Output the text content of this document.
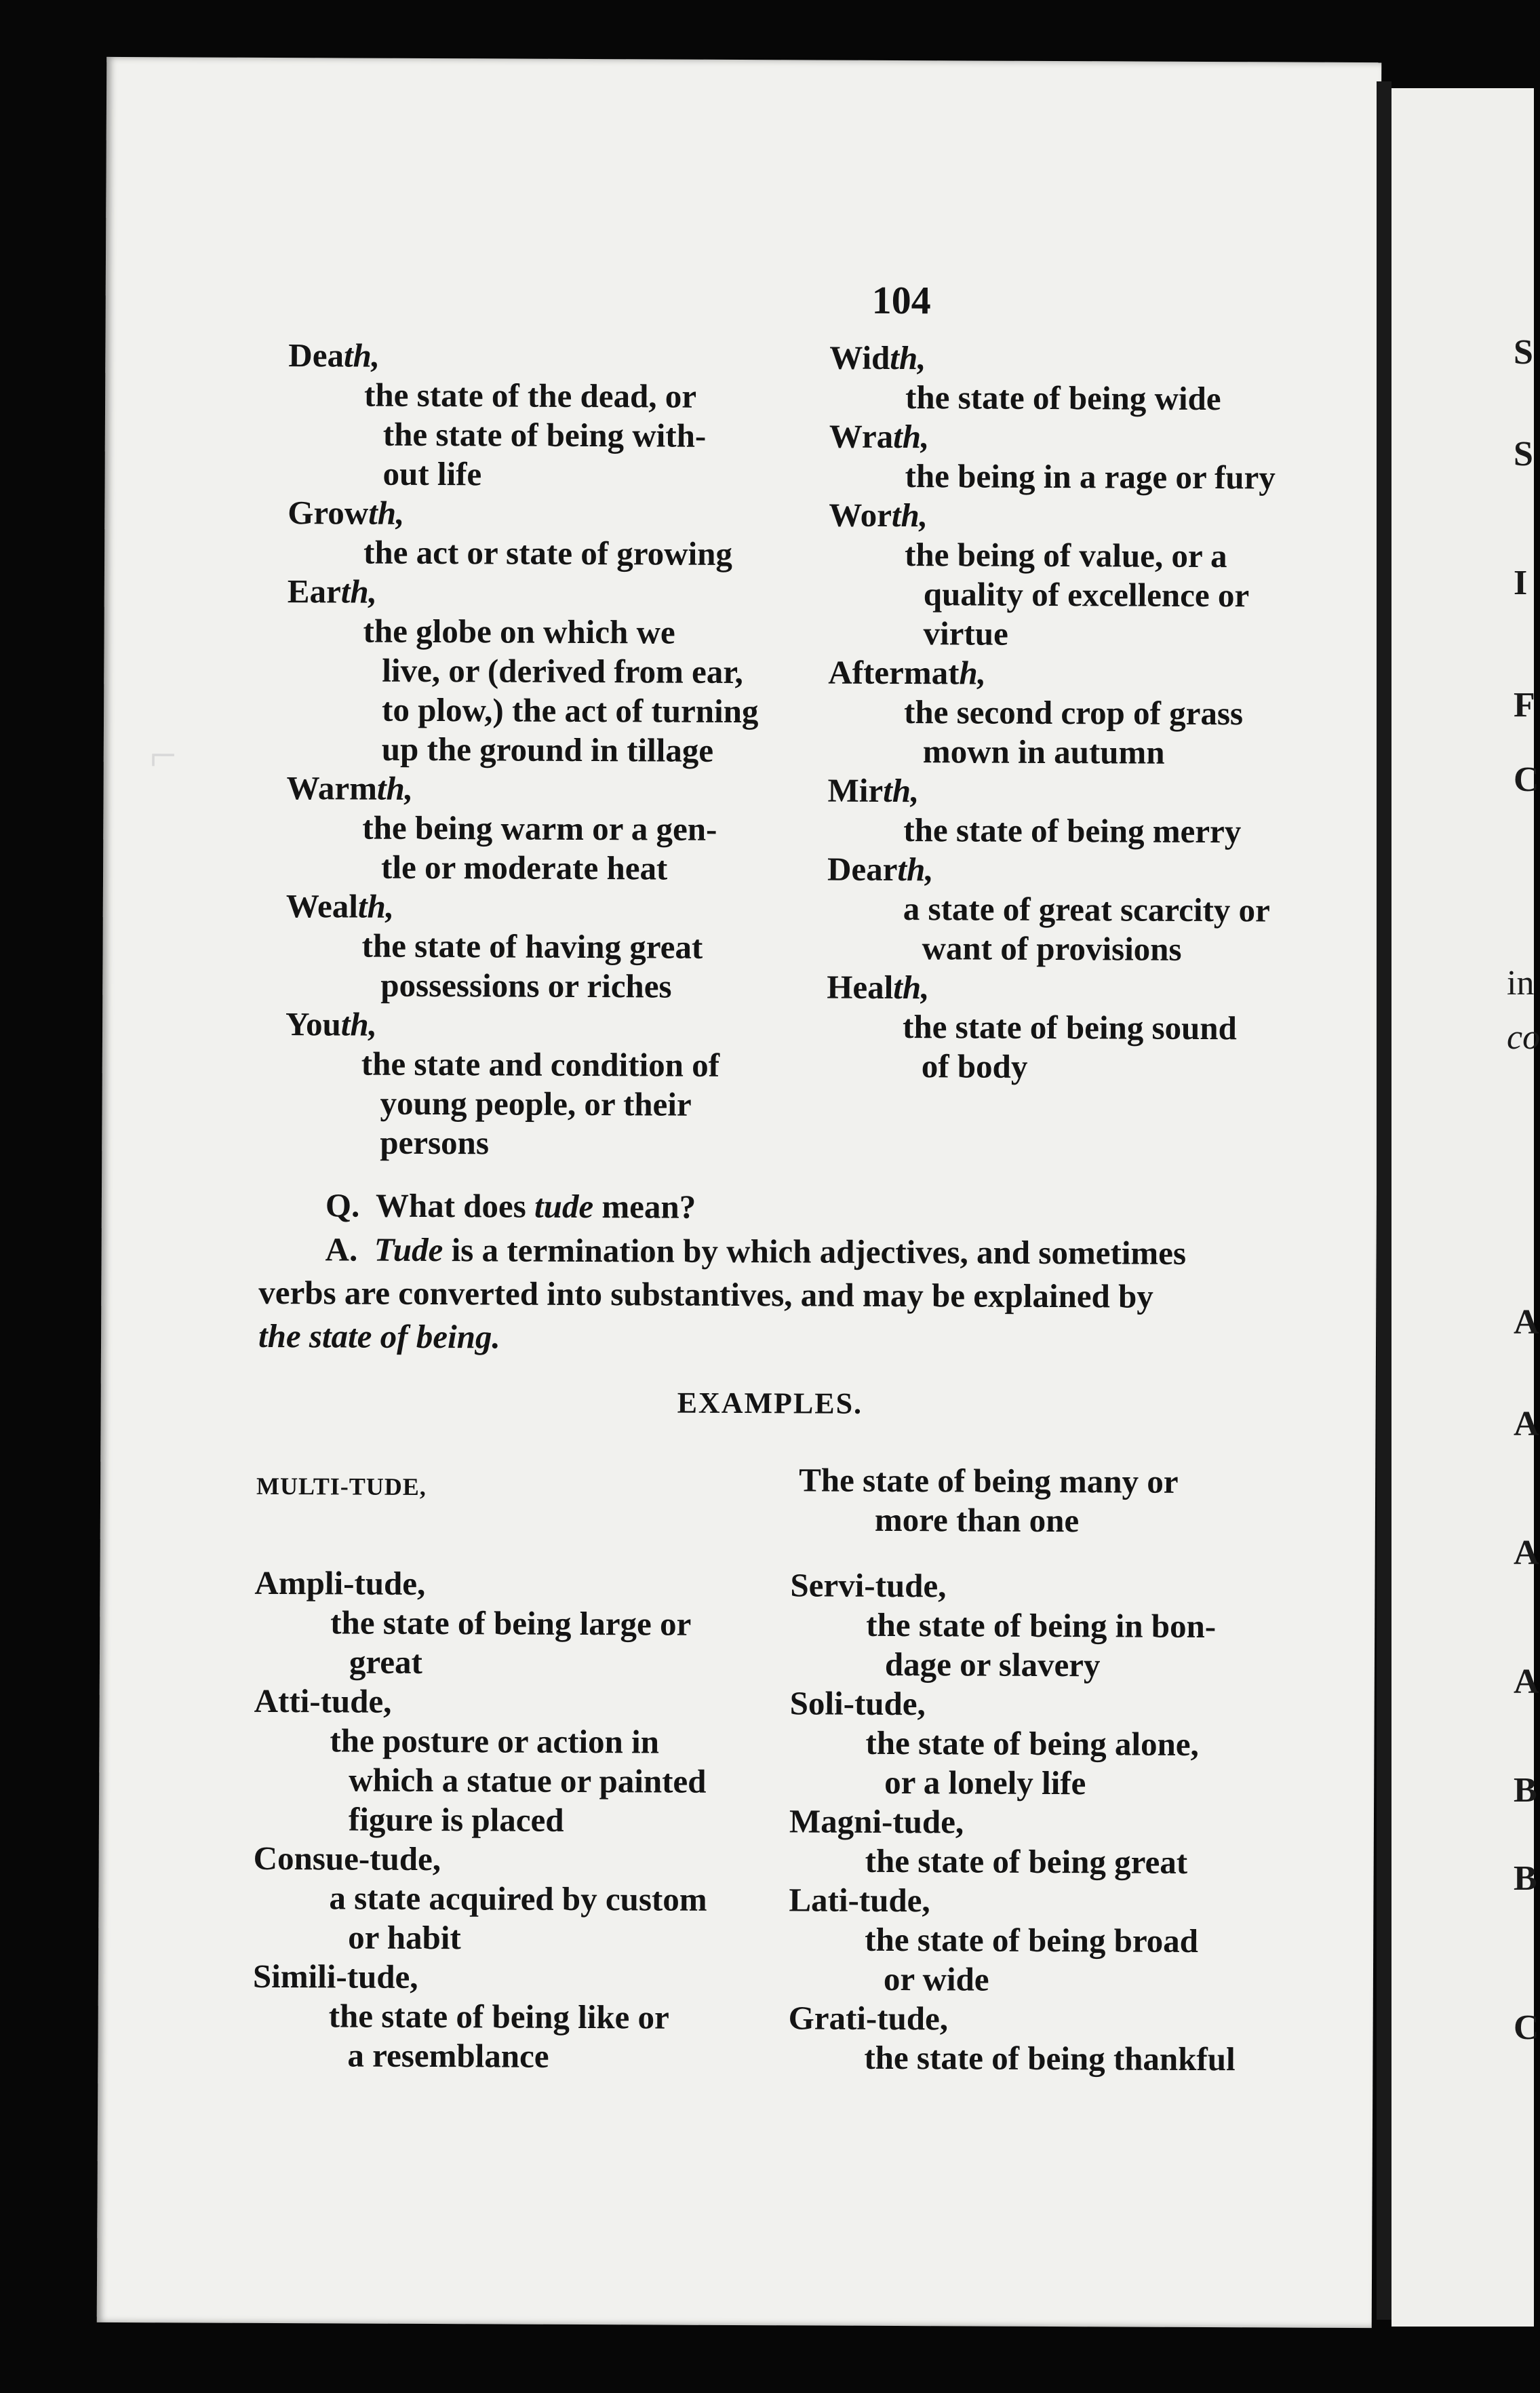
⌐
104
Death,
the state of the dead, or
the state of being with-
out life
Growth,
the act or state of growing
Earth,
the globe on which we
live, or (derived from ear,
to plow,) the act of turning
up the ground in tillage
Warmth,
the being warm or a gen-
tle or moderate heat
Wealth,
the state of having great
possessions or riches
Youth,
the state and condition of
young people, or their
persons
Width,
the state of being wide
Wrath,
the being in a rage or fury
Worth,
the being of value, or a
quality of excellence or
virtue
Aftermath,
the second crop of grass
mown in autumn
Mirth,
the state of being merry
Dearth,
a state of great scarcity or
want of provisions
Health,
the state of being sound
of body
Q. What does tude mean?
A. Tude is a termination by which adjectives, and sometimes
verbs are converted into substantives, and may be explained by
the state of being.
EXAMPLES.
MULTI-TUDE,	The state of being many or
more than one
Ampli-tude,
the state of being large or
great
Atti-tude,
the posture or action in
which a statue or painted
figure is placed
Consue-tude,
a state acquired by custom
or habit
Simili-tude,
the state of being like or
a resemblance
Servi-tude,
the state of being in bon-
dage or slavery
Soli-tude,
the state of being alone,
or a lonely life
Magni-tude,
the state of being great
Lati-tude,
the state of being broad
or wide
Grati-tude,
the state of being thankful
S
S
I
F
C
in
co
A
A
A
A
B
B
C
